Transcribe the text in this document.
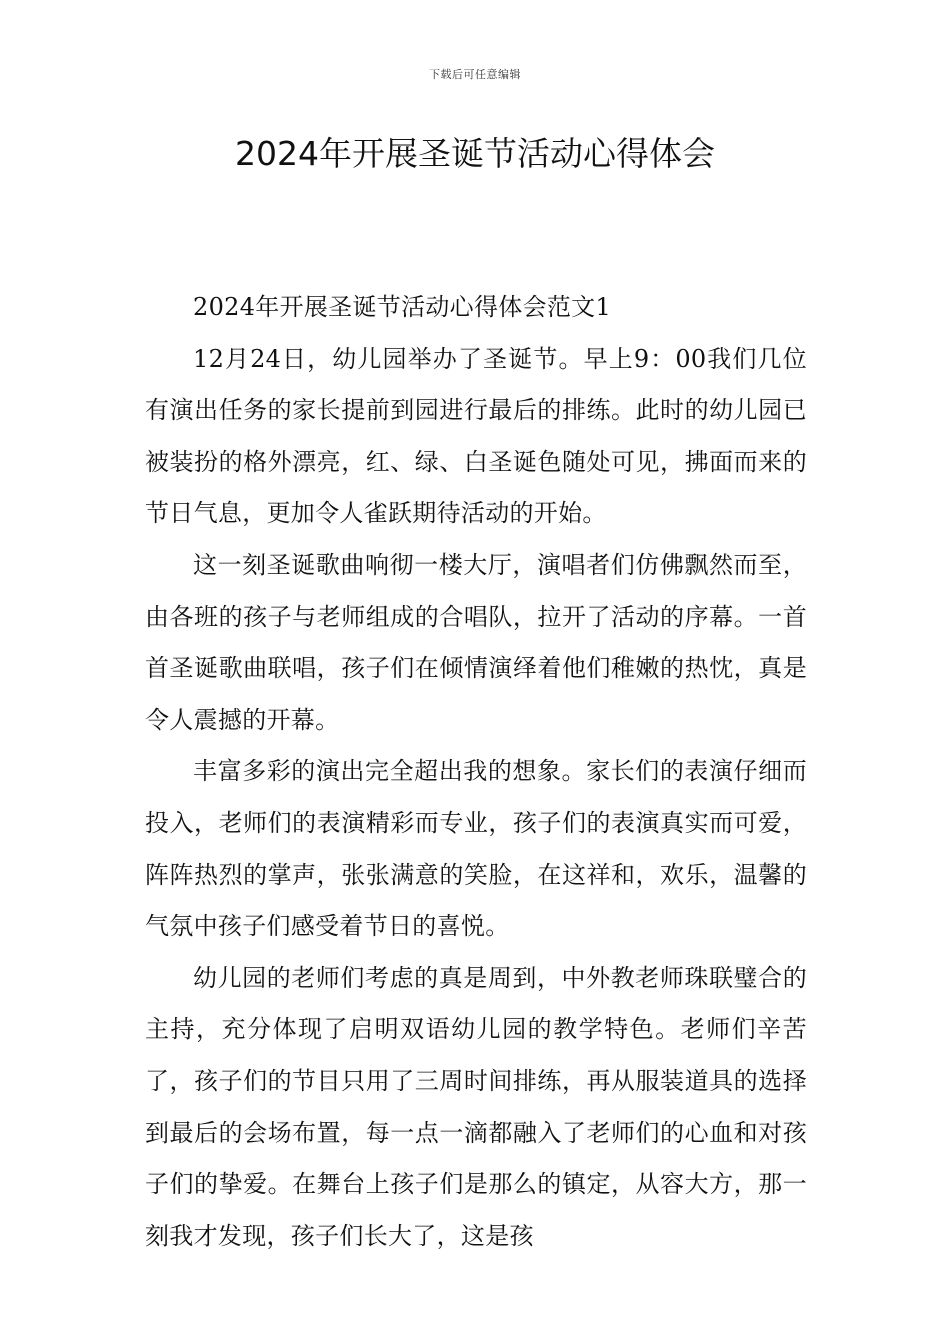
下载后可任意编辑
2024年开展圣诞节活动心得体会

2024年开展圣诞节活动心得体会范文1

12月24日，幼儿园举办了圣诞节。早上9：00我们几位有演出任务的家长提前到园进行最后的排练。此时的幼儿园已被装扮的格外漂亮，红、绿、白圣诞色随处可见，拂面而来的节日气息，更加令人雀跃期待活动的开始。

这一刻圣诞歌曲响彻一楼大厅，演唱者们仿佛飘然而至，由各班的孩子与老师组成的合唱队，拉开了活动的序幕。一首首圣诞歌曲联唱，孩子们在倾情演绎着他们稚嫩的热忱，真是令人震撼的开幕。

丰富多彩的演出完全超出我的想象。家长们的表演仔细而投入，老师们的表演精彩而专业，孩子们的表演真实而可爱，阵阵热烈的掌声，张张满意的笑脸，在这祥和，欢乐，温馨的气氛中孩子们感受着节日的喜悦。

幼儿园的老师们考虑的真是周到，中外教老师珠联璧合的主持，充分体现了启明双语幼儿园的教学特色。老师们辛苦了，孩子们的节目只用了三周时间排练，再从服装道具的选择到最后的会场布置，每一点一滴都融入了老师们的心血和对孩子们的挚爱。在舞台上孩子们是那么的镇定，从容大方，那一刻我才发现，孩子们长大了，这是孩
